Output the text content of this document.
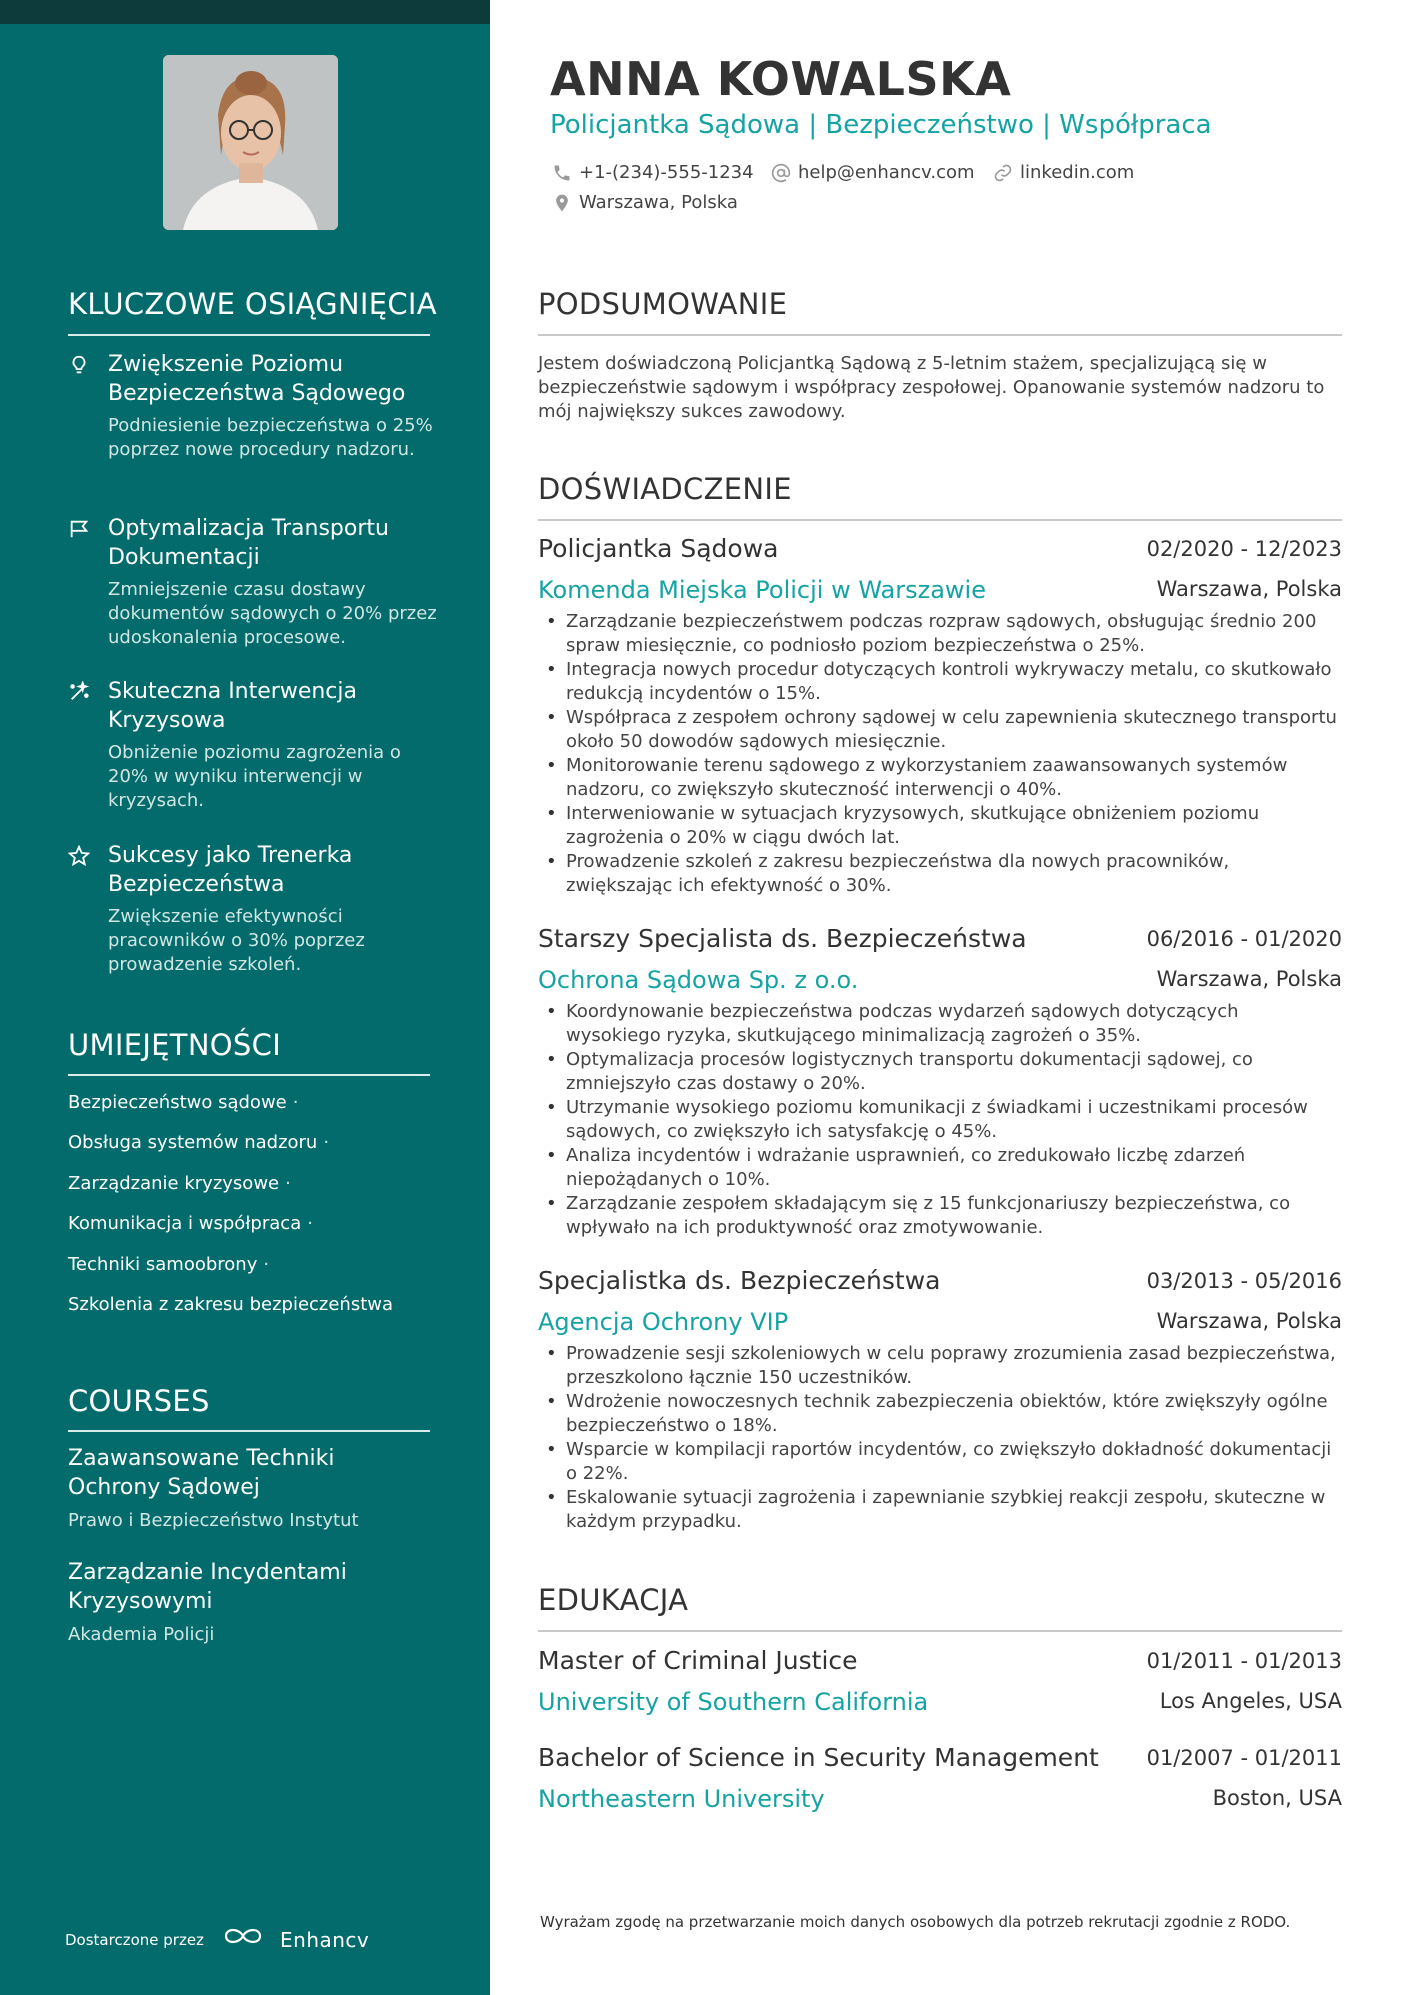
KLUCZOWE OSIĄGNIĘCIA
Zwiększenie Poziomu Bezpieczeństwa Sądowego
Podniesienie bezpieczeństwa o 25% poprzez nowe procedury nadzoru.
Optymalizacja Transportu Dokumentacji
Zmniejszenie czasu dostawy dokumentów sądowych o 20% przez udoskonalenia procesowe.
Skuteczna Interwencja Kryzysowa
Obniżenie poziomu zagrożenia o 20% w wyniku interwencji w kryzysach.
Sukcesy jako Trenerka Bezpieczeństwa
Zwiększenie efektywności pracowników o 30% poprzez prowadzenie szkoleń.
UMIEJĘTNOŚCI
Bezpieczeństwo sądowe ·
Obsługa systemów nadzoru ·
Zarządzanie kryzysowe ·
Komunikacja i współpraca ·
Techniki samoobrony ·
Szkolenia z zakresu bezpieczeństwa
COURSES
Zaawansowane Techniki Ochrony Sądowej
Prawo i Bezpieczeństwo Instytut
Zarządzanie Incydentami Kryzysowymi
Akademia Policji
Dostarczone przez	Enhancv
ANNA KOWALSKA
Policjantka Sądowa | Bezpieczeństwo | Współpraca
+1-(234)-555-1234 help@enhancv.com	linkedin.com
Warszawa, Polska
PODSUMOWANIE
Jestem doświadczoną Policjantką Sądową z 5-letnim stażem, specjalizującą się w bezpieczeństwie sądowym i współpracy zespołowej. Opanowanie systemów nadzoru to mój największy sukces zawodowy.
DOŚWIADCZENIE
Policjantka Sądowa	02/2020 - 12/2023
Komenda Miejska Policji w Warszawie	Warszawa, Polska
• Zarządzanie bezpieczeństwem podczas rozpraw sądowych, obsługując średnio 200 spraw miesięcznie, co podniosło poziom bezpieczeństwa o 25%.
• Integracja nowych procedur dotyczących kontroli wykrywaczy metalu, co skutkowało redukcją incydentów o 15%.
• Współpraca z zespołem ochrony sądowej w celu zapewnienia skutecznego transportu około 50 dowodów sądowych miesięcznie.
• Monitorowanie terenu sądowego z wykorzystaniem zaawansowanych systemów nadzoru, co zwiększyło skuteczność interwencji o 40%.
• Interweniowanie w sytuacjach kryzysowych, skutkujące obniżeniem poziomu zagrożenia o 20% w ciągu dwóch lat.
• Prowadzenie szkoleń z zakresu bezpieczeństwa dla nowych pracowników, zwiększając ich efektywność o 30%.
Starszy Specjalista ds. Bezpieczeństwa	06/2016 - 01/2020
Ochrona Sądowa Sp. z o.o.	Warszawa, Polska
• Koordynowanie bezpieczeństwa podczas wydarzeń sądowych dotyczących wysokiego ryzyka, skutkującego minimalizacją zagrożeń o 35%.
• Optymalizacja procesów logistycznych transportu dokumentacji sądowej, co zmniejszyło czas dostawy o 20%.
• Utrzymanie wysokiego poziomu komunikacji z świadkami i uczestnikami procesów sądowych, co zwiększyło ich satysfakcję o 45%.
• Analiza incydentów i wdrażanie usprawnień, co zredukowało liczbę zdarzeń niepożądanych o 10%.
• Zarządzanie zespołem składającym się z 15 funkcjonariuszy bezpieczeństwa, co wpływało na ich produktywność oraz zmotywowanie.
Specjalistka ds. Bezpieczeństwa	03/2013 - 05/2016
Agencja Ochrony VIP	Warszawa, Polska
• Prowadzenie sesji szkoleniowych w celu poprawy zrozumienia zasad bezpieczeństwa, przeszkolono łącznie 150 uczestników.
• Wdrożenie nowoczesnych technik zabezpieczenia obiektów, które zwiększyły ogólne bezpieczeństwo o 18%.
• Wsparcie w kompilacji raportów incydentów, co zwiększyło dokładność dokumentacji o 22%.
• Eskalowanie sytuacji zagrożenia i zapewnianie szybkiej reakcji zespołu, skuteczne w każdym przypadku.
EDUKACJA
Master of Criminal Justice	01/2011 - 01/2013
University of Southern California	Los Angeles, USA
Bachelor of Science in Security Management 01/2007 - 01/2011
Northeastern University	Boston, USA
Wyrażam zgodę na przetwarzanie moich danych osobowych dla potrzeb rekrutacji zgodnie z RODO.
